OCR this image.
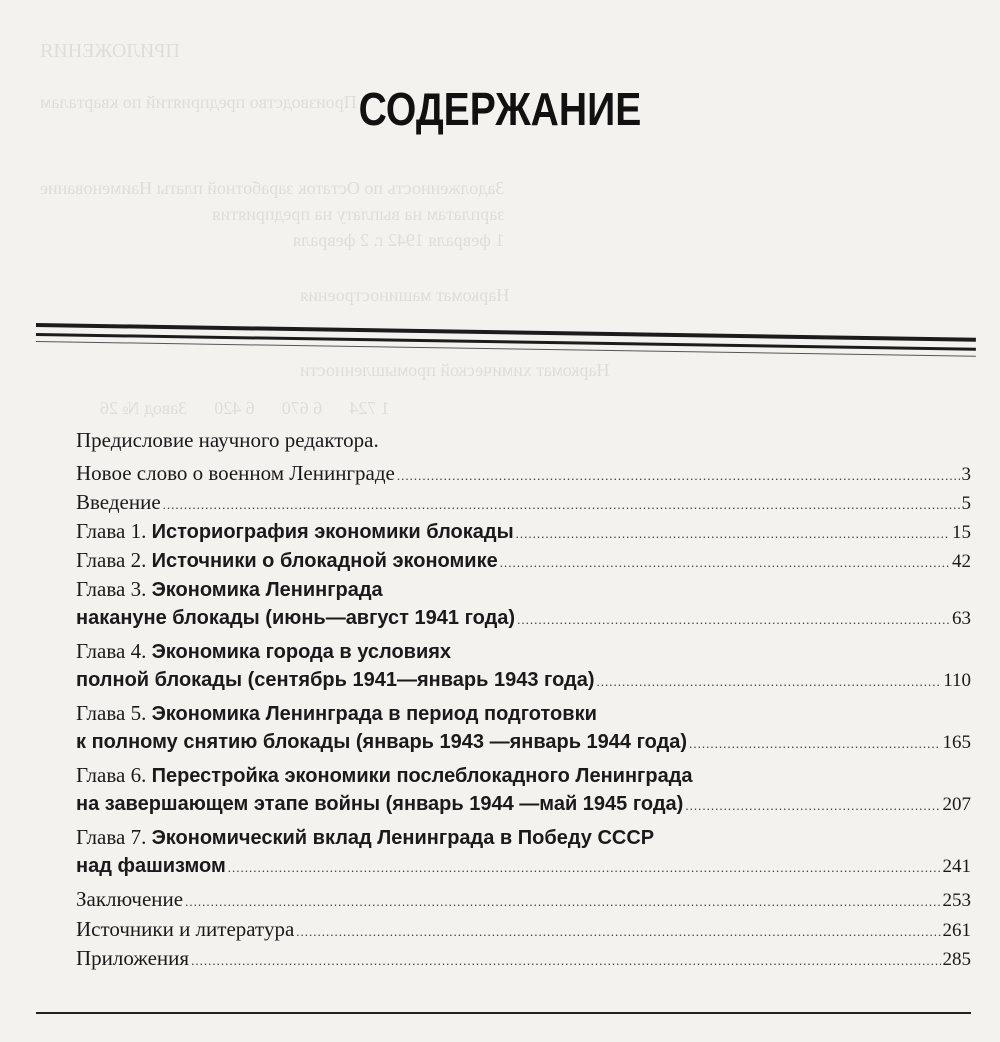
ПРИЛОЖЕНИЯ
Производство предприятий по кварталам
Задолженность по Остаток заработной платы Наименование
зарплатам на выплату на предприятия
1 февраля 1942 г. 2 февраля
Наркомат машиностроения
Наркомат химической промышленности
1 724      6 670      6 420      Завод № 26
СОДЕРЖАНИЕ
Предисловие научного редактора.
Новое слово о военном Ленинграде .....	3
Введение .....	5
Глава 1. Историография экономики блокады .....	15
Глава 2. Источники о блокадной экономике .....	42
Глава 3. Экономика Ленинграда
накануне блокады (июнь—август 1941 года) .....	63
Глава 4. Экономика города в условиях
полной блокады (сентябрь 1941—январь 1943 года) .....	110
Глава 5. Экономика Ленинграда в период подготовки
к полному снятию блокады (январь 1943 —январь 1944 года) .....	165
Глава 6. Перестройка экономики послеблокадного Ленинграда
на завершающем этапе войны (январь 1944 —май 1945 года) .....	207
Глава 7. Экономический вклад Ленинграда в Победу СССР
над фашизмом .....	241
Заключение .....	253
Источники и литература .....	261
Приложения .....	285
